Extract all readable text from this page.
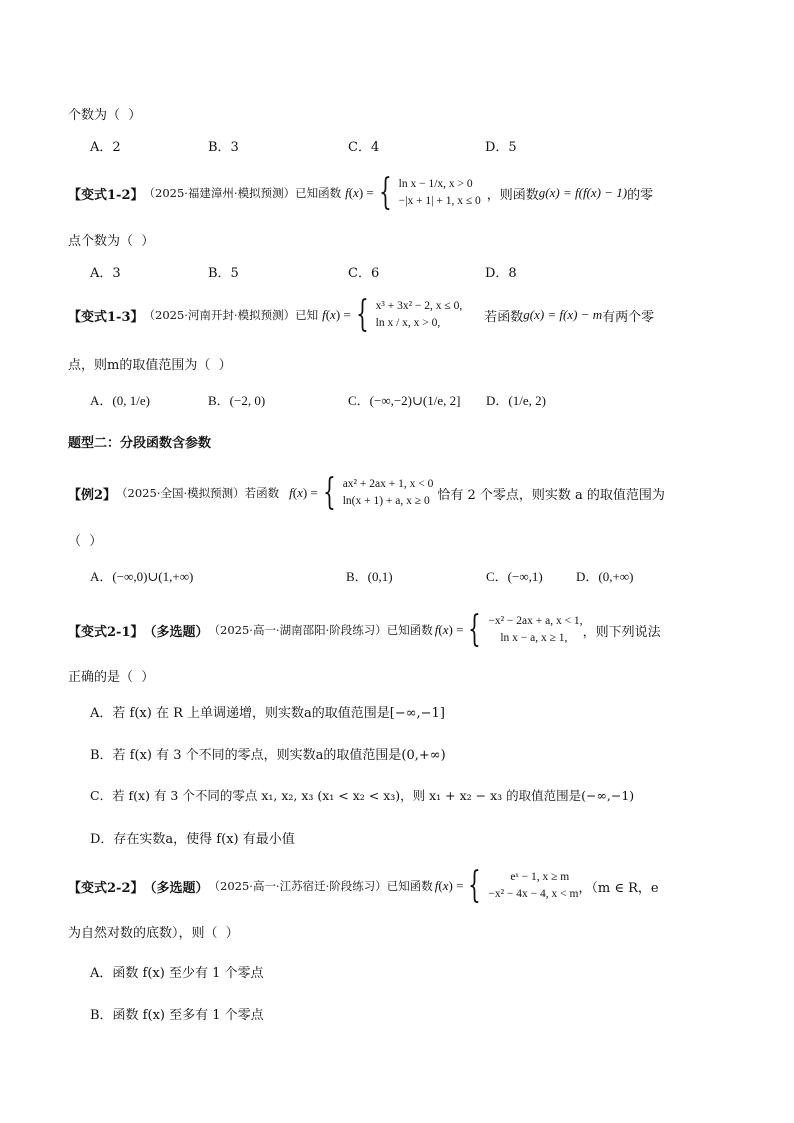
个数为（  ）
A．2	B．3	C．4	D．5
【变式1-2】 （2025·福建漳州·模拟预测）已知函数 f ( x ) = { ln x − 1/x, x > 0
−|x + 1| + 1, x ≤ 0 ，则函数 g(x) = f(f(x) − 1) 的零
点个数为（  ）
A．3	B．5	C．6	D．8
【变式1-3】 （2025·河南开封·模拟预测）已知 f ( x ) = { x³ + 3x² − 2, x ≤ 0,
ln x / x, x > 0,	若函数 g(x) = f(x) − m 有两个零
点，则m的取值范围为（  ）
A．(0, 1/e)	B．(−2, 0)	C．(−∞,−2)∪(1/e, 2] D．(1/e, 2)
题型二：分段函数含参数
【例2】 （2025·全国·模拟预测）若函数 f ( x ) = { ax² + 2ax + 1, x < 0
ln(x + 1) + a, x ≥ 0 恰有 2 个零点，则实数 a 的取值范围为
（  ）
A．(−∞,0)∪(1,+∞)	B．(0,1)	C．(−∞,1)	D．(0,+∞)
【变式2-1】 （多选题） （2025·高一·湖南邵阳·阶段练习）已知函数 f ( x ) = { −x² − 2ax + a, x < 1,
ln x − a, x ≥ 1,	，则下列说法
正确的是（  ）
A．若 f(x) 在 R 上单调递增，则实数a的取值范围是[−∞,−1]
B．若 f(x) 有 3 个不同的零点，则实数a的取值范围是(0,+∞)
C．若 f(x) 有 3 个不同的零点 x₁, x₂, x₃ (x₁ < x₂ < x₃)，则 x₁ + x₂ − x₃ 的取值范围是(−∞,−1)
D．存在实数a，使得 f(x) 有最小值
【变式2-2】 （多选题） （2025·高一·江苏宿迁·阶段练习）已知函数 f ( x ) = {	eˣ − 1, x ≥ m
−x² − 4x − 4, x < m ，（m ∈ R，e
为自然对数的底数），则（  ）
A．函数 f(x) 至少有 1 个零点
B．函数 f(x) 至多有 1 个零点
